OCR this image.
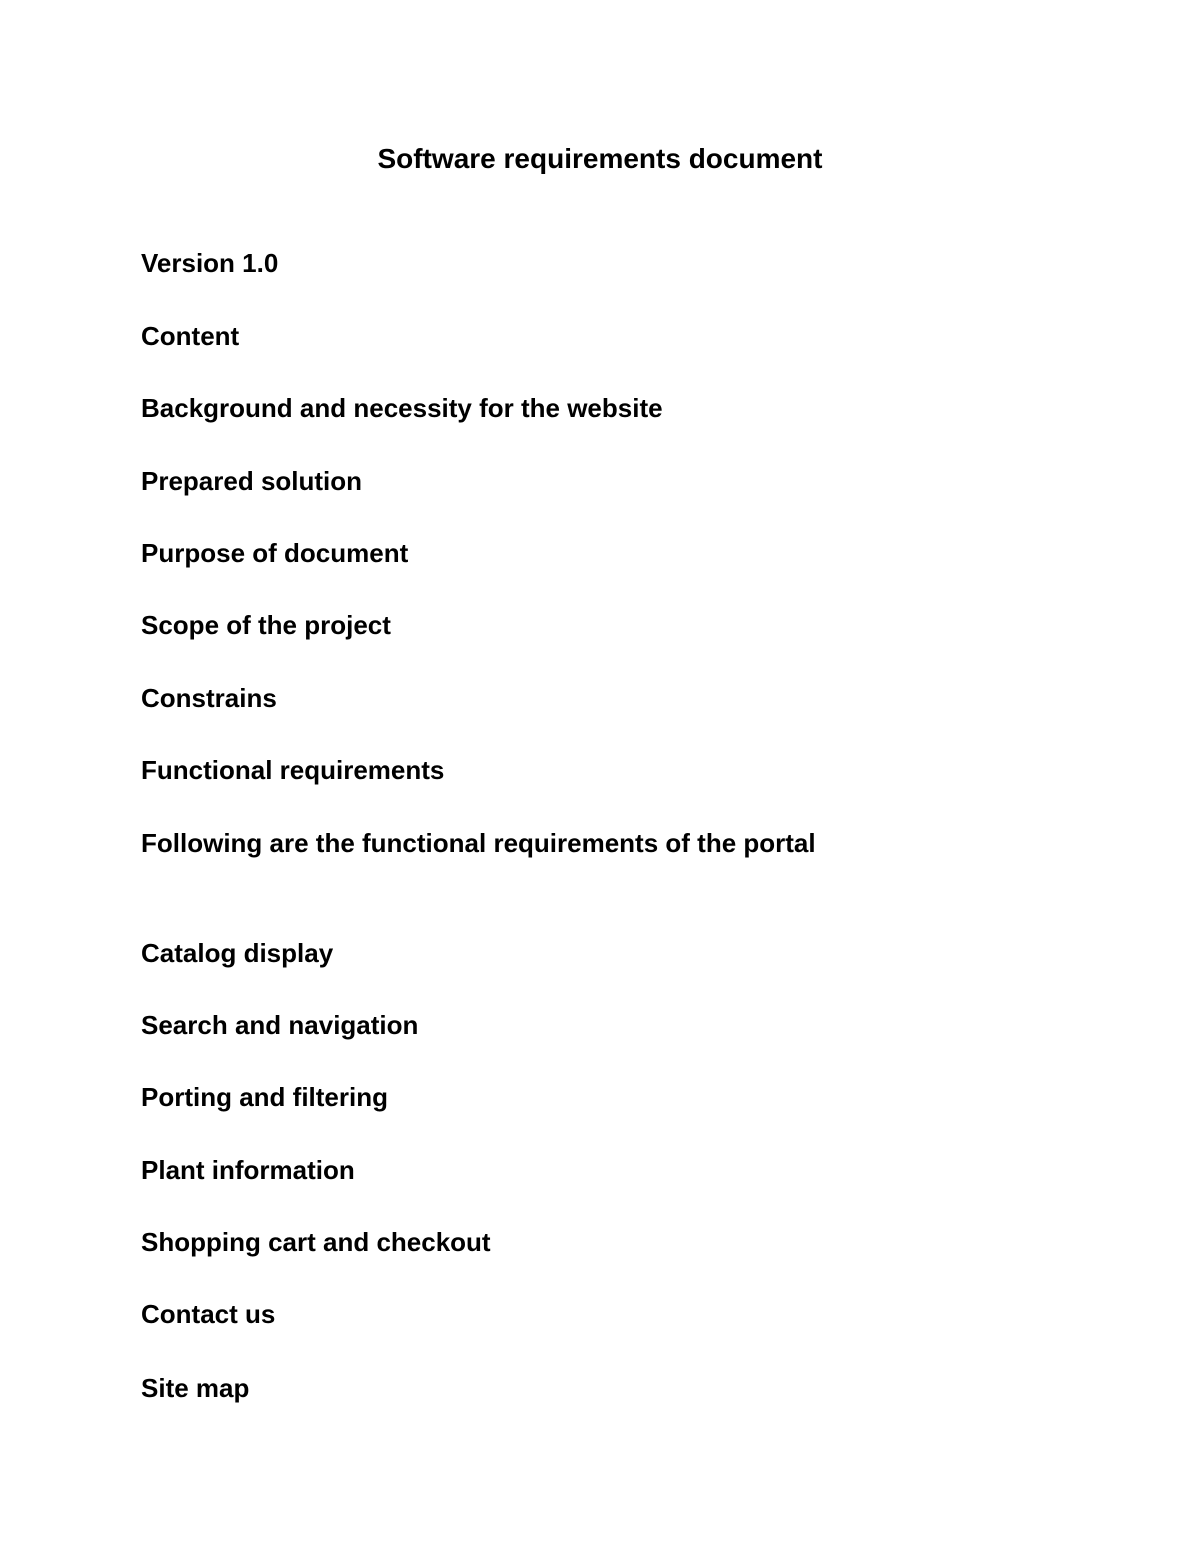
Software requirements document
Version 1.0
Content
Background and necessity for the website
Prepared solution
Purpose of document
Scope of the project
Constrains
Functional requirements
Following are the functional requirements of the portal
Catalog display
Search and navigation
Porting and filtering
Plant information
Shopping cart and checkout
Contact us
Site map
